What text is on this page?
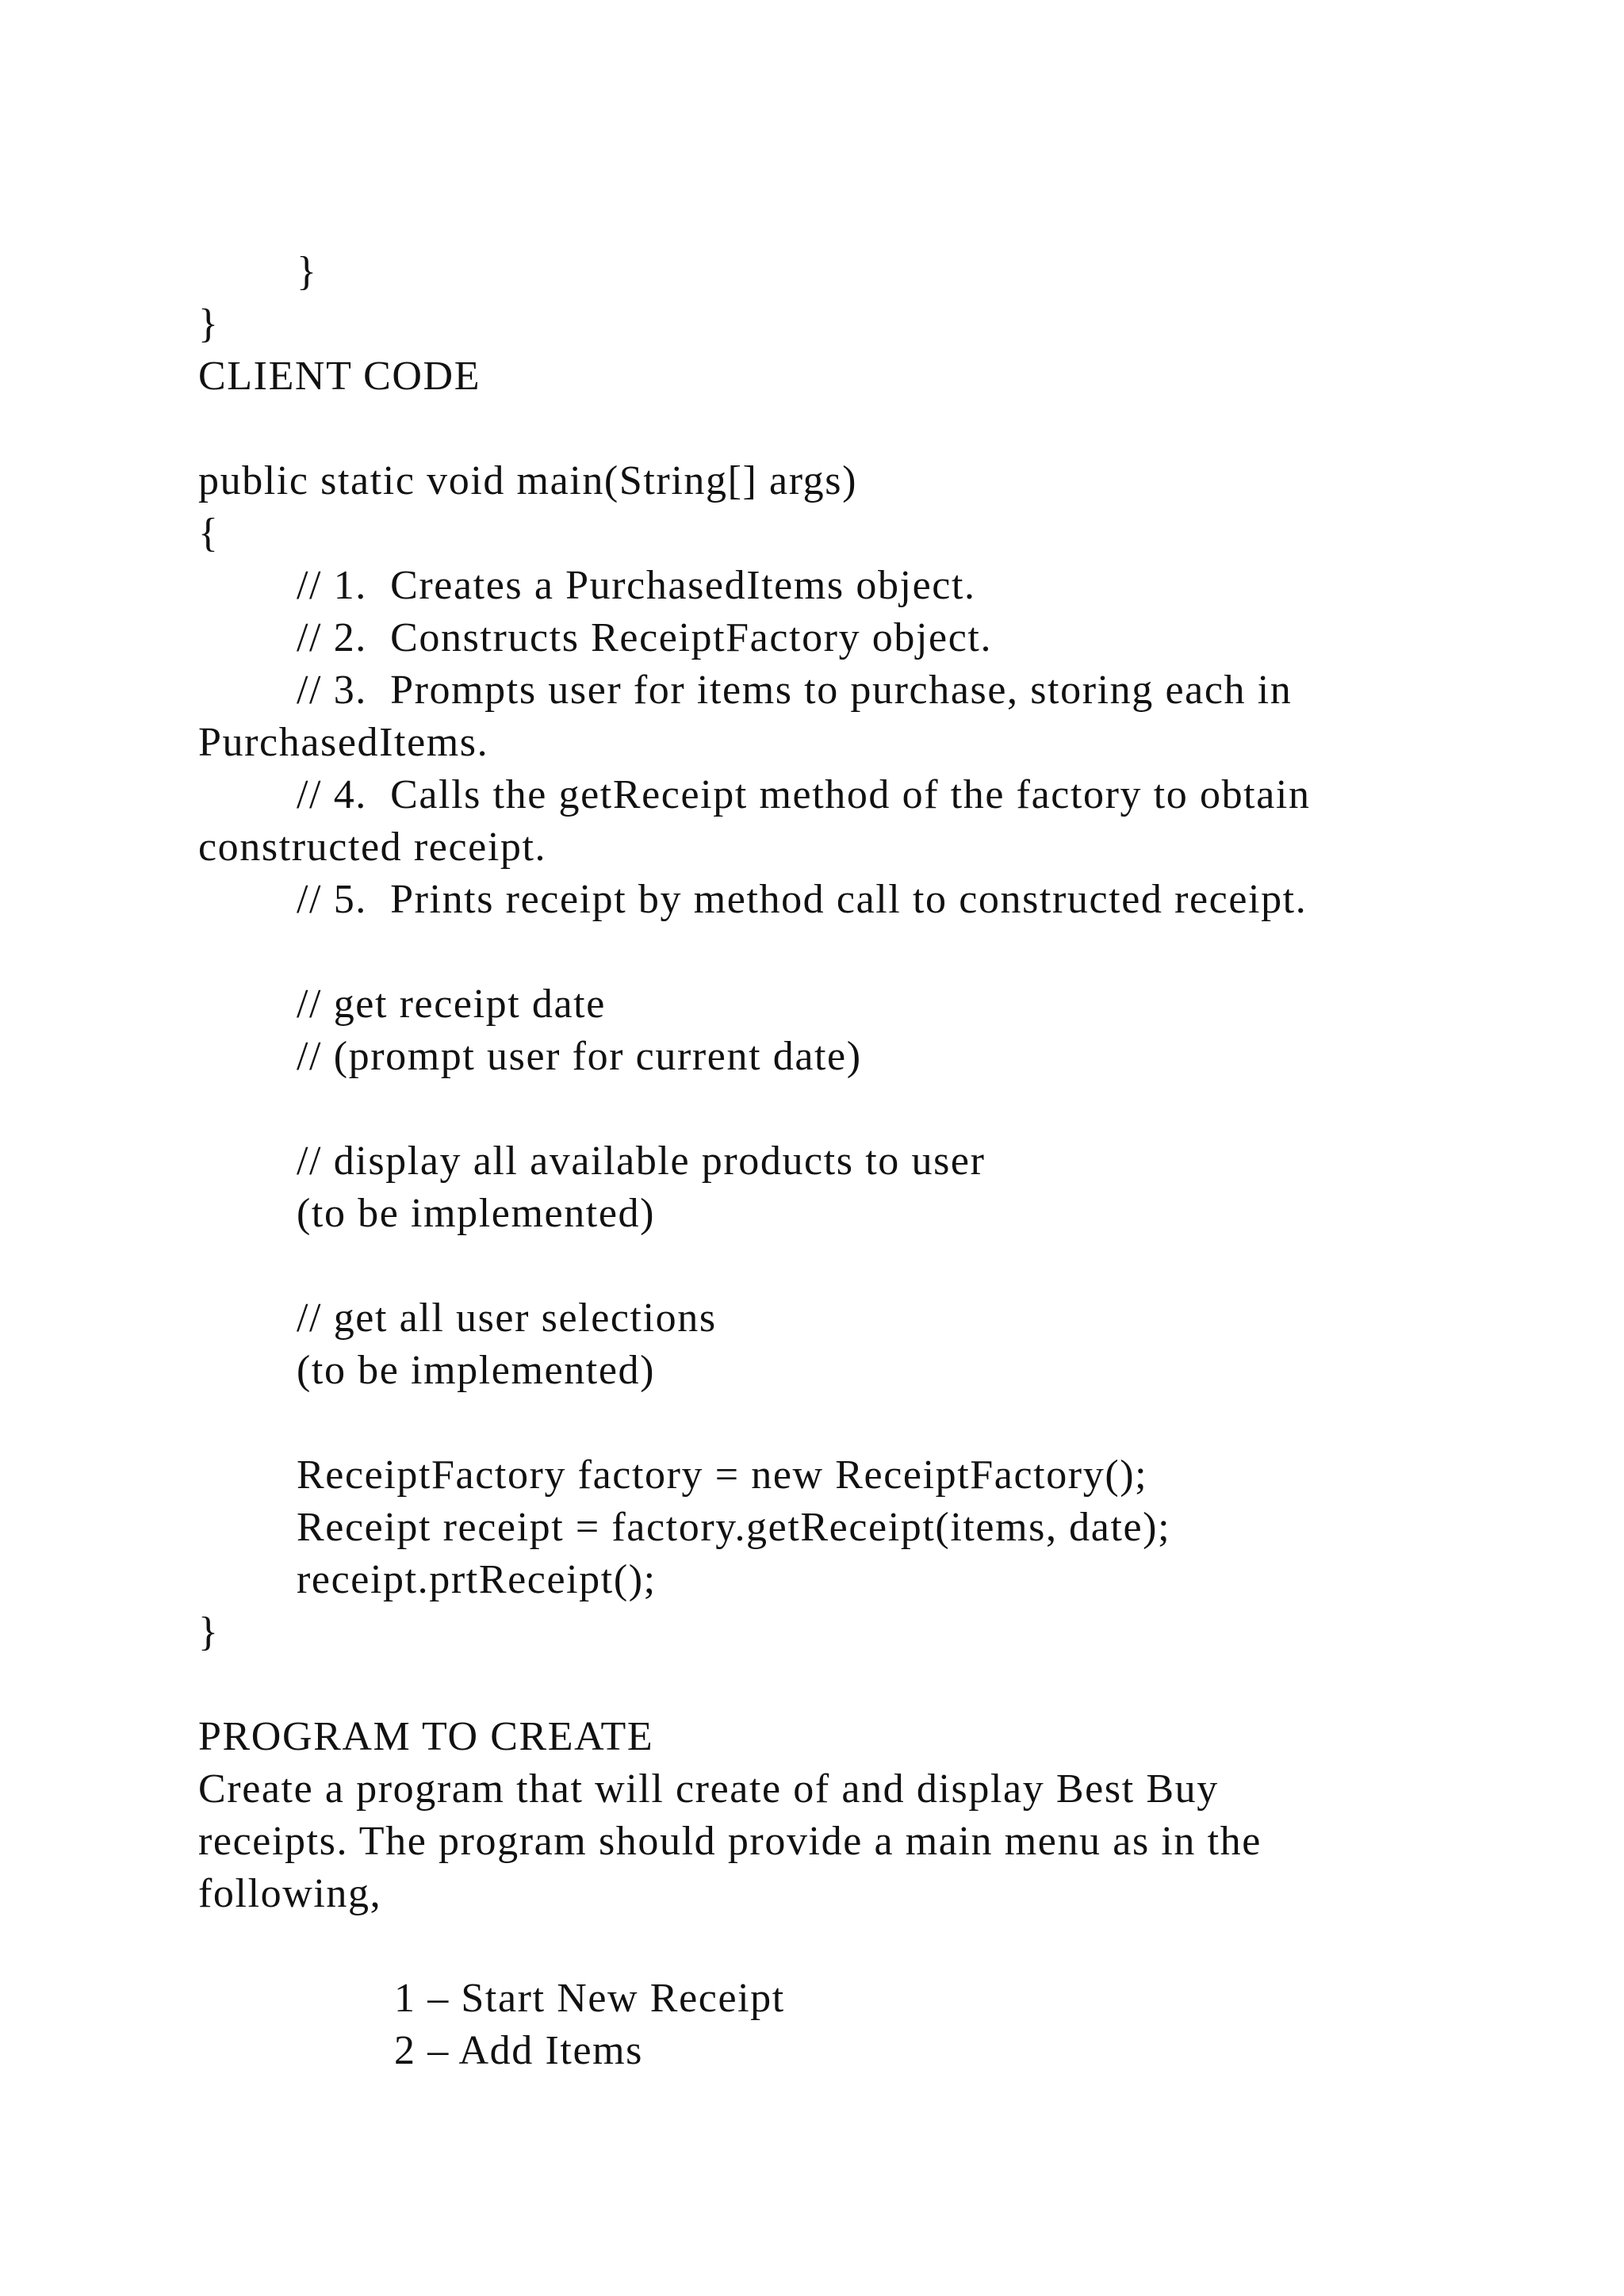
}
}
CLIENT CODE
public static void main(String[] args)
{
// 1.  Creates a PurchasedItems object.
// 2.  Constructs ReceiptFactory object.
// 3.  Prompts user for items to purchase, storing each in
PurchasedItems.
// 4.  Calls the getReceipt method of the factory to obtain
constructed receipt.
// 5.  Prints receipt by method call to constructed receipt.
// get receipt date
// (prompt user for current date)
// display all available products to user
(to be implemented)
// get all user selections
(to be implemented)
ReceiptFactory factory = new ReceiptFactory();
Receipt receipt = factory.getReceipt(items, date);
receipt.prtReceipt();
}
PROGRAM TO CREATE
Create a program that will create of and display Best Buy
receipts. The program should provide a main menu as in the
following,
1 – Start New Receipt
2 – Add Items
